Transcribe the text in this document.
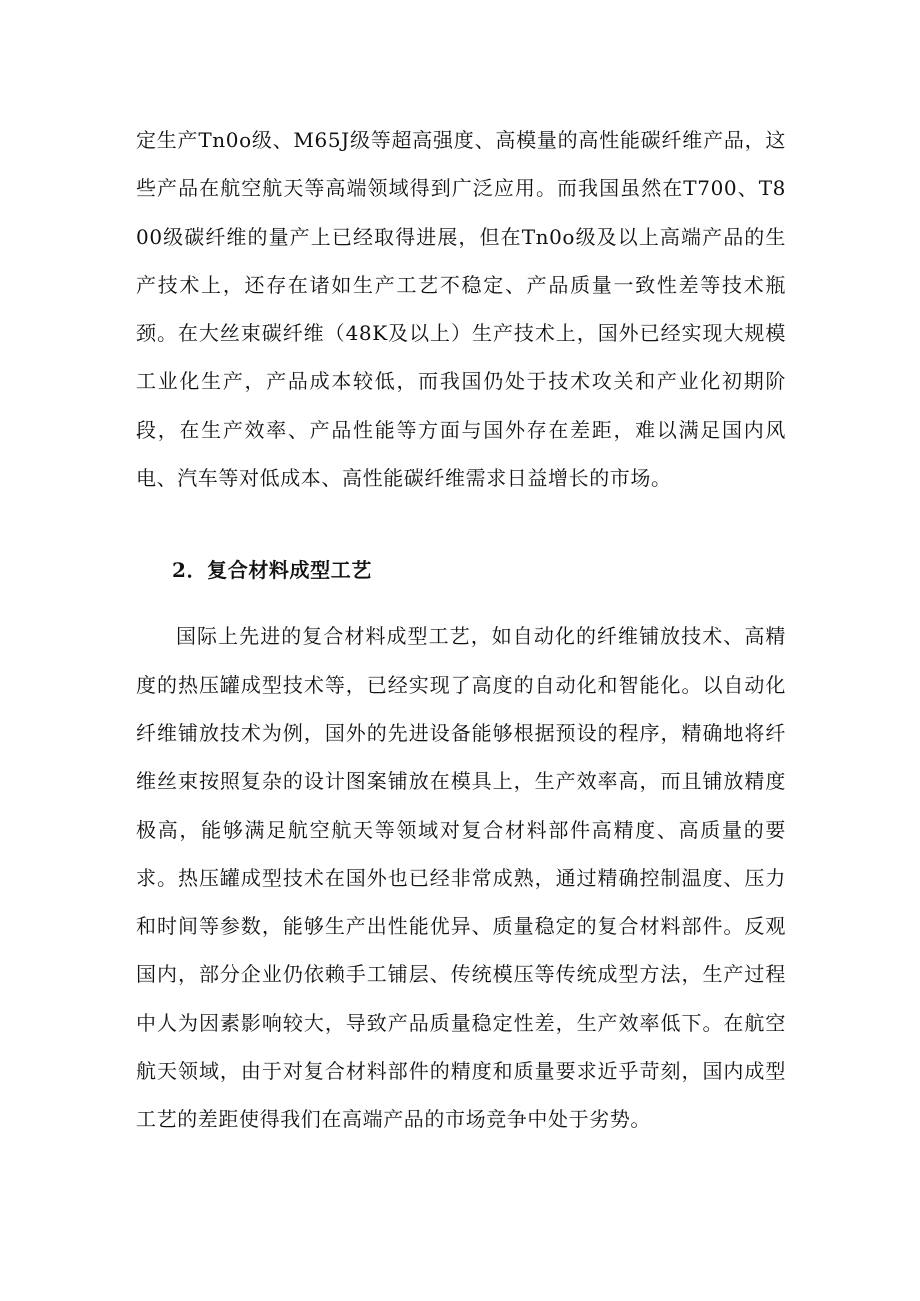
定生产Tn0o级、M65J级等超高强度、高模量的高性能碳纤维产品，这些产品在航空航天等高端领域得到广泛应用。而我国虽然在T700、T800级碳纤维的量产上已经取得进展，但在Tn0o级及以上高端产品的生产技术上，还存在诸如生产工艺不稳定、产品质量一致性差等技术瓶颈。在大丝束碳纤维（48K及以上）生产技术上，国外已经实现大规模工业化生产，产品成本较低，而我国仍处于技术攻关和产业化初期阶段，在生产效率、产品性能等方面与国外存在差距，难以满足国内风电、汽车等对低成本、高性能碳纤维需求日益增长的市场。

2．复合材料成型工艺

国际上先进的复合材料成型工艺，如自动化的纤维铺放技术、高精度的热压罐成型技术等，已经实现了高度的自动化和智能化。以自动化纤维铺放技术为例，国外的先进设备能够根据预设的程序，精确地将纤维丝束按照复杂的设计图案铺放在模具上，生产效率高，而且铺放精度极高，能够满足航空航天等领域对复合材料部件高精度、高质量的要求。热压罐成型技术在国外也已经非常成熟，通过精确控制温度、压力和时间等参数，能够生产出性能优异、质量稳定的复合材料部件。反观国内，部分企业仍依赖手工铺层、传统模压等传统成型方法，生产过程中人为因素影响较大，导致产品质量稳定性差，生产效率低下。在航空航天领域，由于对复合材料部件的精度和质量要求近乎苛刻，国内成型工艺的差距使得我们在高端产品的市场竞争中处于劣势。
